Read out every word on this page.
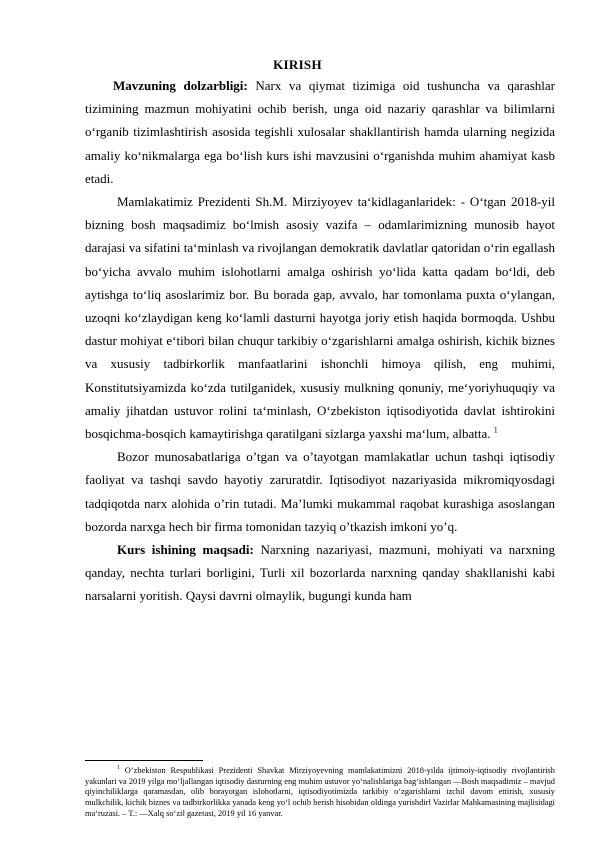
KIRISH

Mavzuning dolzarbligi: Narx va qiymat tizimiga oid tushuncha va qarashlar tizimining mazmun mohiyatini ochib berish, unga oid nazariy qarashlar va bilimlarni o‘rganib tizimlashtirish asosida tegishli xulosalar shakllantirish hamda ularning negizida amaliy ko‘nikmalarga ega bo‘lish kurs ishi mavzusini o‘rganishda muhim ahamiyat kasb etadi.

Mamlakatimiz Prezidenti Sh.M. Mirziyoyev ta‘kidlaganlaridek: - O‘tgan 2018-yil bizning bosh maqsadimiz bo‘lmish asosiy vazifa – odamlarimizning munosib hayot darajasi va sifatini ta‘minlash va rivojlangan demokratik davlatlar qatoridan o‘rin egallash bo‘yicha avvalo muhim islohotlarni amalga oshirish yo‘lida katta qadam bo‘ldi, deb aytishga to‘liq asoslarimiz bor. Bu borada gap, avvalo, har tomonlama puxta o‘ylangan, uzoqni ko‘zlaydigan keng ko‘lamli dasturni hayotga joriy etish haqida bormoqda. Ushbu dastur mohiyat e‘tibori bilan chuqur tarkibiy o‘zgarishlarni amalga oshirish, kichik biznes va xususiy tadbirkorlik manfaatlarini ishonchli himoya qilish, eng muhimi, Konstitutsiyamizda ko‘zda tutilganidek, xususiy mulkning qonuniy, me‘yoriyhuquqiy va amaliy jihatdan ustuvor rolini ta‘minlash, O‘zbekiston iqtisodiyotida davlat ishtirokini bosqichma-bosqich kamaytirishga qaratilgani sizlarga yaxshi ma‘lum, albatta. $^1$

Bozor munosabatlariga o’tgan va o’tayotgan mamlakatlar uchun tashqi iqtisodiy faoliyat va tashqi savdo hayotiy zaruratdir. Iqtisodiyot nazariyasida mikromiqyosdagi tadqiqotda narx alohida o’rin tutadi. Ma’lumki mukammal raqobat kurashiga asoslangan bozorda narxga hech bir firma tomonidan tazyiq o’tkazish imkoni yo’q.

Kurs ishining maqsadi: Narxning nazariyasi, mazmuni, mohiyati va narxning qanday, nechta turlari borligini, Turli xil bozorlarda narxning qanday shakllanishi kabi narsalarni yoritish. Qaysi davrni olmaylik, bugungi kunda ham

$^1$ O‘zbekiston Respublikasi Prezidenti Shavkat Mirziyoyevning mamlakatimizni 2018-yilda ijtimoiy-iqtisodiy rivojlantirish yakunlari va 2019 yilga mo‘ljallangan iqtisodiy dasturning eng muhim ustuvor yo‘nalishlariga bag‘ishlangan ―Bosh maqsadimiz – mavjud qiyinchiliklarga qaramasdan, olib borayotgan islohotlarni, iqtisodiyotimizda tarkibiy o‘zgarishlarni izchil davom ettirish, xususiy mulkchilik, kichik biznes va tadbirkorlikka yanada keng yo‘l ochib berish hisobidan oldinga yurishdir‖ Vazirlar Mahkamasining majlisidagi ma‘ruzasi. – T.: ―Xalq so‘zi‖ gazetasi, 2019 yil 16 yanvar.
